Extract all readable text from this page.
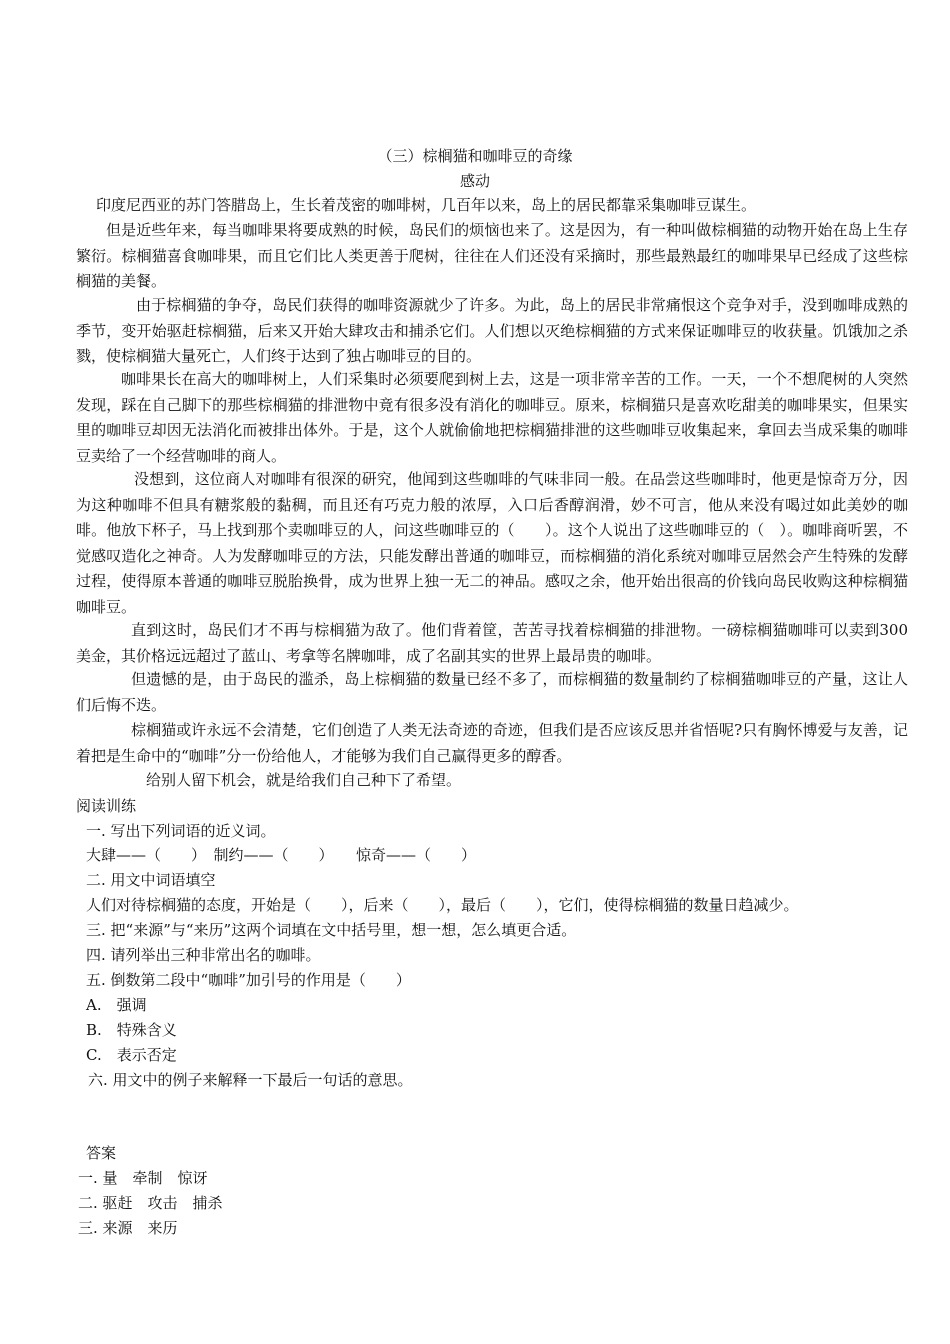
（三）棕榈猫和咖啡豆的奇缘
感动
印度尼西亚的苏门答腊岛上，生长着茂密的咖啡树，几百年以来，岛上的居民都靠采集咖啡豆谋生。
但是近些年来，每当咖啡果将要成熟的时候，岛民们的烦恼也来了。这是因为，有一种叫做棕榈猫的动物开始在岛上生存繁衍。棕榈猫喜食咖啡果，而且它们比人类更善于爬树，往往在人们还没有采摘时，那些最熟最红的咖啡果早已经成了这些棕榈猫的美餐。
由于棕榈猫的争夺，岛民们获得的咖啡资源就少了许多。为此，岛上的居民非常痛恨这个竞争对手，没到咖啡成熟的季节，变开始驱赶棕榈猫，后来又开始大肆攻击和捕杀它们。人们想以灭绝棕榈猫的方式来保证咖啡豆的收获量。饥饿加之杀戮，使棕榈猫大量死亡，人们终于达到了独占咖啡豆的目的。
咖啡果长在高大的咖啡树上，人们采集时必须要爬到树上去，这是一项非常辛苦的工作。一天，一个不想爬树的人突然发现，踩在自己脚下的那些棕榈猫的排泄物中竟有很多没有消化的咖啡豆。原来，棕榈猫只是喜欢吃甜美的咖啡果实，但果实里的咖啡豆却因无法消化而被排出体外。于是，这个人就偷偷地把棕榈猫排泄的这些咖啡豆收集起来，拿回去当成采集的咖啡豆卖给了一个经营咖啡的商人。
没想到，这位商人对咖啡有很深的研究，他闻到这些咖啡的气味非同一般。在品尝这些咖啡时，他更是惊奇万分，因为这种咖啡不但具有糖浆般的黏稠，而且还有巧克力般的浓厚，入口后香醇润滑，妙不可言，他从来没有喝过如此美妙的咖啡。他放下杯子，马上找到那个卖咖啡豆的人，问这些咖啡豆的（　　）。这个人说出了这些咖啡豆的（　）。咖啡商听罢，不觉感叹造化之神奇。人为发酵咖啡豆的方法，只能发酵出普通的咖啡豆，而棕榈猫的消化系统对咖啡豆居然会产生特殊的发酵过程，使得原本普通的咖啡豆脱胎换骨，成为世界上独一无二的神品。感叹之余，他开始出很高的价钱向岛民收购这种棕榈猫咖啡豆。
直到这时，岛民们才不再与棕榈猫为敌了。他们背着筐，苦苦寻找着棕榈猫的排泄物。一磅棕榈猫咖啡可以卖到300美金，其价格远远超过了蓝山、考拿等名牌咖啡，成了名副其实的世界上最昂贵的咖啡。
但遗憾的是，由于岛民的滥杀，岛上棕榈猫的数量已经不多了，而棕榈猫的数量制约了棕榈猫咖啡豆的产量，这让人们后悔不迭。
棕榈猫或许永远不会清楚，它们创造了人类无法奇迹的奇迹，但我们是否应该反思并省悟呢?只有胸怀博爱与友善，记着把是生命中的“咖啡”分一份给他人，才能够为我们自己赢得更多的醇香。
给别人留下机会，就是给我们自己种下了希望。
阅读训练
一. 写出下列词语的近义词。
大肆——（　　）　制约——（　　）　　惊奇——（　　）
二. 用文中词语填空
人们对待棕榈猫的态度，开始是（　　），后来（　　），最后（　　），它们，使得棕榈猫的数量日趋减少。
三. 把“来源”与“来历”这两个词填在文中括号里，想一想，怎么填更合适。
四. 请列举出三种非常出名的咖啡。
五. 倒数第二段中“咖啡”加引号的作用是（　　）
A.　强调
B.　特殊含义
C.　表示否定
六. 用文中的例子来解释一下最后一句话的意思。
答案
一. 量　牵制　惊讶
二. 驱赶　攻击　捕杀
三. 来源　来历
